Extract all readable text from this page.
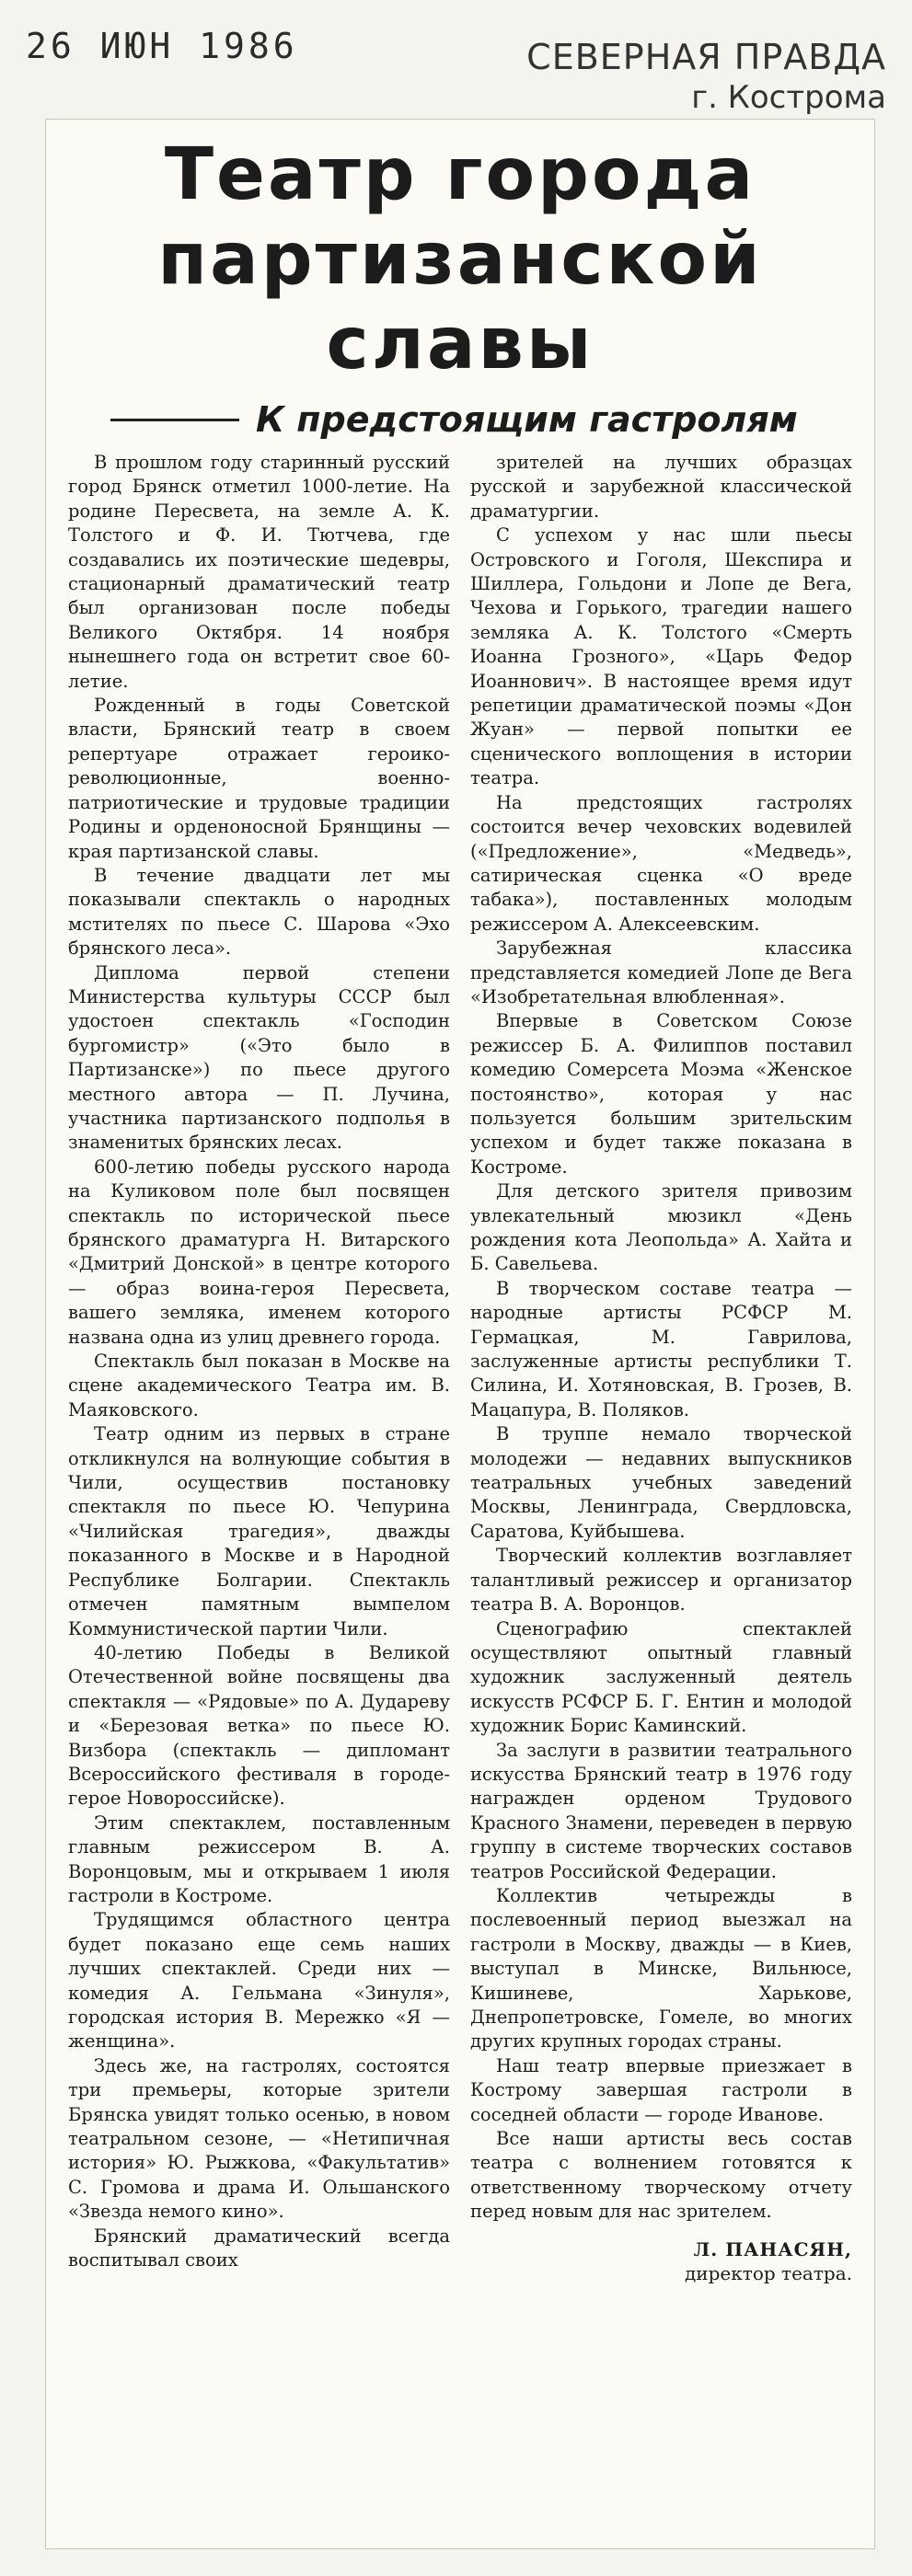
26 ИЮН 1986	СЕВЕРНАЯ ПРАВДА
г. Кострома
Театр города
партизанской славы
К предстоящим гастролям

В прошлом году старинный русский город Брянск отметил 1000-летие. На родине Пересвета, на земле А. К. Толстого и Ф. И. Тютчева, где создавались их поэтические шедевры, стационарный драматический театр был организован после победы Великого Октября. 14 ноября нынешнего года он встретит свое 60-летие.

Рожденный в годы Советской власти, Брянский театр в своем репертуаре отражает героико-революционные, военно-патриотические и трудовые традиции Родины и орденоносной Брянщины — края партизанской славы.

В течение двадцати лет мы показывали спектакль о народных мстителях по пьесе С. Шарова «Эхо брянского леса».

Диплома первой степени Министерства культуры СССР был удостоен спектакль «Господин бургомистр» («Это было в Партизанске») по пьесе другого местного автора — П. Лучина, участника партизанского подполья в знаменитых брянских лесах.

600-летию победы русского народа на Куликовом поле был посвящен спектакль по исторической пьесе брянского драматурга Н. Витарского «Дмитрий Донской» в центре которого — образ воина-героя Пересвета, вашего земляка, именем которого названа одна из улиц древнего города.

Спектакль был показан в Москве на сцене академического Театра им. В. Маяковского.

Театр одним из первых в стране откликнулся на волнующие события в Чили, осуществив постановку спектакля по пьесе Ю. Чепурина «Чилийская трагедия», дважды показанного в Москве и в Народной Республике Болгарии. Спектакль отмечен памятным вымпелом Коммунистической партии Чили.

40-летию Победы в Великой Отечественной войне посвящены два спектакля — «Рядовые» по А. Дудареву и «Березовая ветка» по пьесе Ю. Визбора (спектакль — дипломант Всероссийского фестиваля в городе-герое Новороссийске).

Этим спектаклем, поставленным главным режиссером В. А. Воронцовым, мы и открываем 1 июля гастроли в Костроме.

Трудящимся областного центра будет показано еще семь наших лучших спектаклей. Среди них — комедия А. Гельмана «Зинуля», городская история В. Мережко «Я — женщина».

Здесь же, на гастролях, состоятся три премьеры, которые зрители Брянска увидят только осенью, в новом театральном сезоне, — «Нетипичная история» Ю. Рыжкова, «Факультатив» С. Громова и драма И. Ольшанского «Звезда немого кино».

Брянский драматический всегда воспитывал своих

зрителей на лучших образцах русской и зарубежной классической драматургии.

С успехом у нас шли пьесы Островского и Гоголя, Шекспира и Шиллера, Гольдони и Лопе де Вега, Чехова и Горького, трагедии нашего земляка А. К. Толстого «Смерть Иоанна Грозного», «Царь Федор Иоаннович». В настоящее время идут репетиции драматической поэмы «Дон Жуан» — первой попытки ее сценического воплощения в истории театра.

На предстоящих гастролях состоится вечер чеховских водевилей («Предложение», «Медведь», сатирическая сценка «О вреде табака»), поставленных молодым режиссером А. Алексеевским.

Зарубежная классика представляется комедией Лопе де Вега «Изобретательная влюбленная».

Впервые в Советском Союзе режиссер Б. А. Филиппов поставил комедию Сомерсета Моэма «Женское постоянство», которая у нас пользуется большим зрительским успехом и будет также показана в Костроме.

Для детского зрителя привозим увлекательный мюзикл «День рождения кота Леопольда» А. Хайта и Б. Савельева.

В творческом составе театра — народные артисты РСФСР М. Гермацкая, М. Гаврилова, заслуженные артисты республики Т. Силина, И. Хотяновская, В. Грозев, В. Мацапура, В. Поляков.

В труппе немало творческой молодежи — недавних выпускников театральных учебных заведений Москвы, Ленинграда, Свердловска, Саратова, Куйбышева.

Творческий коллектив возглавляет талантливый режиссер и организатор театра В. А. Воронцов.

Сценографию спектаклей осуществляют опытный главный художник заслуженный деятель искусств РСФСР Б. Г. Ентин и молодой художник Борис Каминский.

За заслуги в развитии театрального искусства Брянский театр в 1976 году награжден орденом Трудового Красного Знамени, переведен в первую группу в системе творческих составов театров Российской Федерации.

Коллектив четырежды в послевоенный период выезжал на гастроли в Москву, дважды — в Киев, выступал в Минске, Вильнюсе, Кишиневе, Харькове, Днепропетровске, Гомеле, во многих других крупных городах страны.

Наш театр впервые приезжает в Кострому завершая гастроли в соседней области — городе Иванове.

Все наши артисты весь состав театра с волнением готовятся к ответственному творческому отчету перед новым для нас зрителем.

Л. ПАНАСЯН,
директор театра.
